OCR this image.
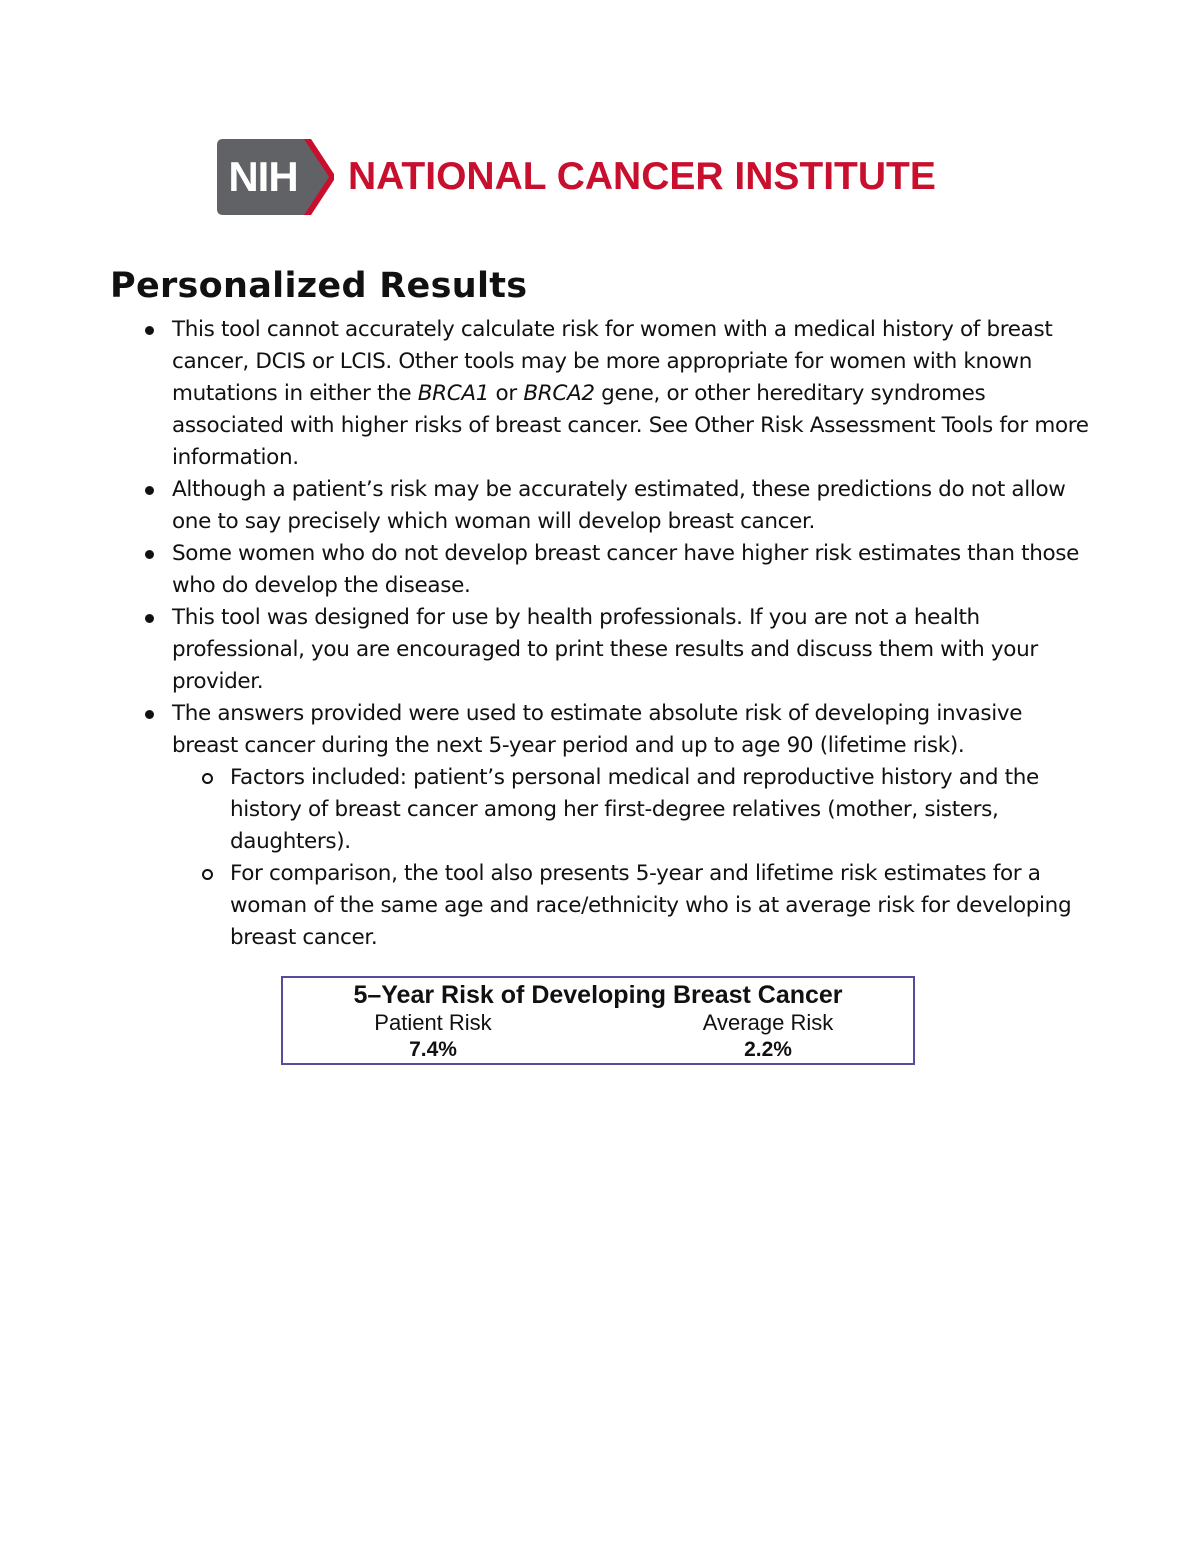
NIH NATIONAL CANCER INSTITUTE
Personalized Results
This tool cannot accurately calculate risk for women with a medical history of breast cancer, DCIS or LCIS. Other tools may be more appropriate for women with known mutations in either the BRCA1 or BRCA2 gene, or other hereditary syndromes associated with higher risks of breast cancer. See Other Risk Assessment Tools for more information.
Although a patient’s risk may be accurately estimated, these predictions do not allow one to say precisely which woman will develop breast cancer.
Some women who do not develop breast cancer have higher risk estimates than those who do develop the disease.
This tool was designed for use by health professionals. If you are not a health professional, you are encouraged to print these results and discuss them with your provider.
The answers provided were used to estimate absolute risk of developing invasive breast cancer during the next 5-year period and up to age 90 (lifetime risk).
Factors included: patient’s personal medical and reproductive history and the history of breast cancer among her first-degree relatives (mother, sisters, daughters).
For comparison, the tool also presents 5-year and lifetime risk estimates for a woman of the same age and race/ethnicity who is at average risk for developing breast cancer.
5–Year Risk of Developing Breast Cancer
Patient Risk	Average Risk
7.4%	2.2%
